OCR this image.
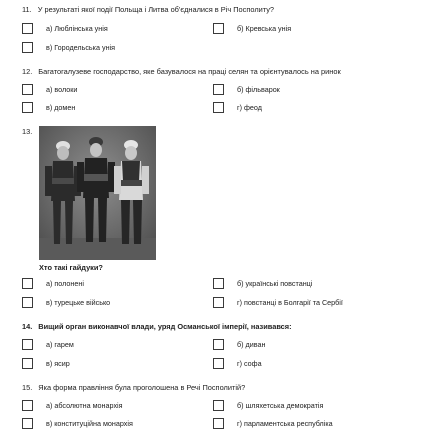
11. У результаті якої події Польща і Литва об'єдналися в Річ Посполиту?
а) Люблінська унія	б) Кревська унія
в) Городельська унія
12. Багатогалузеве господарство, яке базувалося на праці селян та орієнтувалось на ринок
а) волоки	б) фільварок
в) домен	г) феод
13.
Хто такі гайдуки?
а) полонені	б) українські повстанці
в) турецьке військо	г) повстанці в Болгарії та Сербії
14. Вищий орган виконавчої влади, уряд Османської імперії, називався:
а) гарем	б) диван
в) ясир	г) софа
15. Яка форма правління була проголошена в Речі Посполитій?
а) абсолютна монархія	б) шляхетська демократія
в) конституційна монархія	г) парламентська республіка
